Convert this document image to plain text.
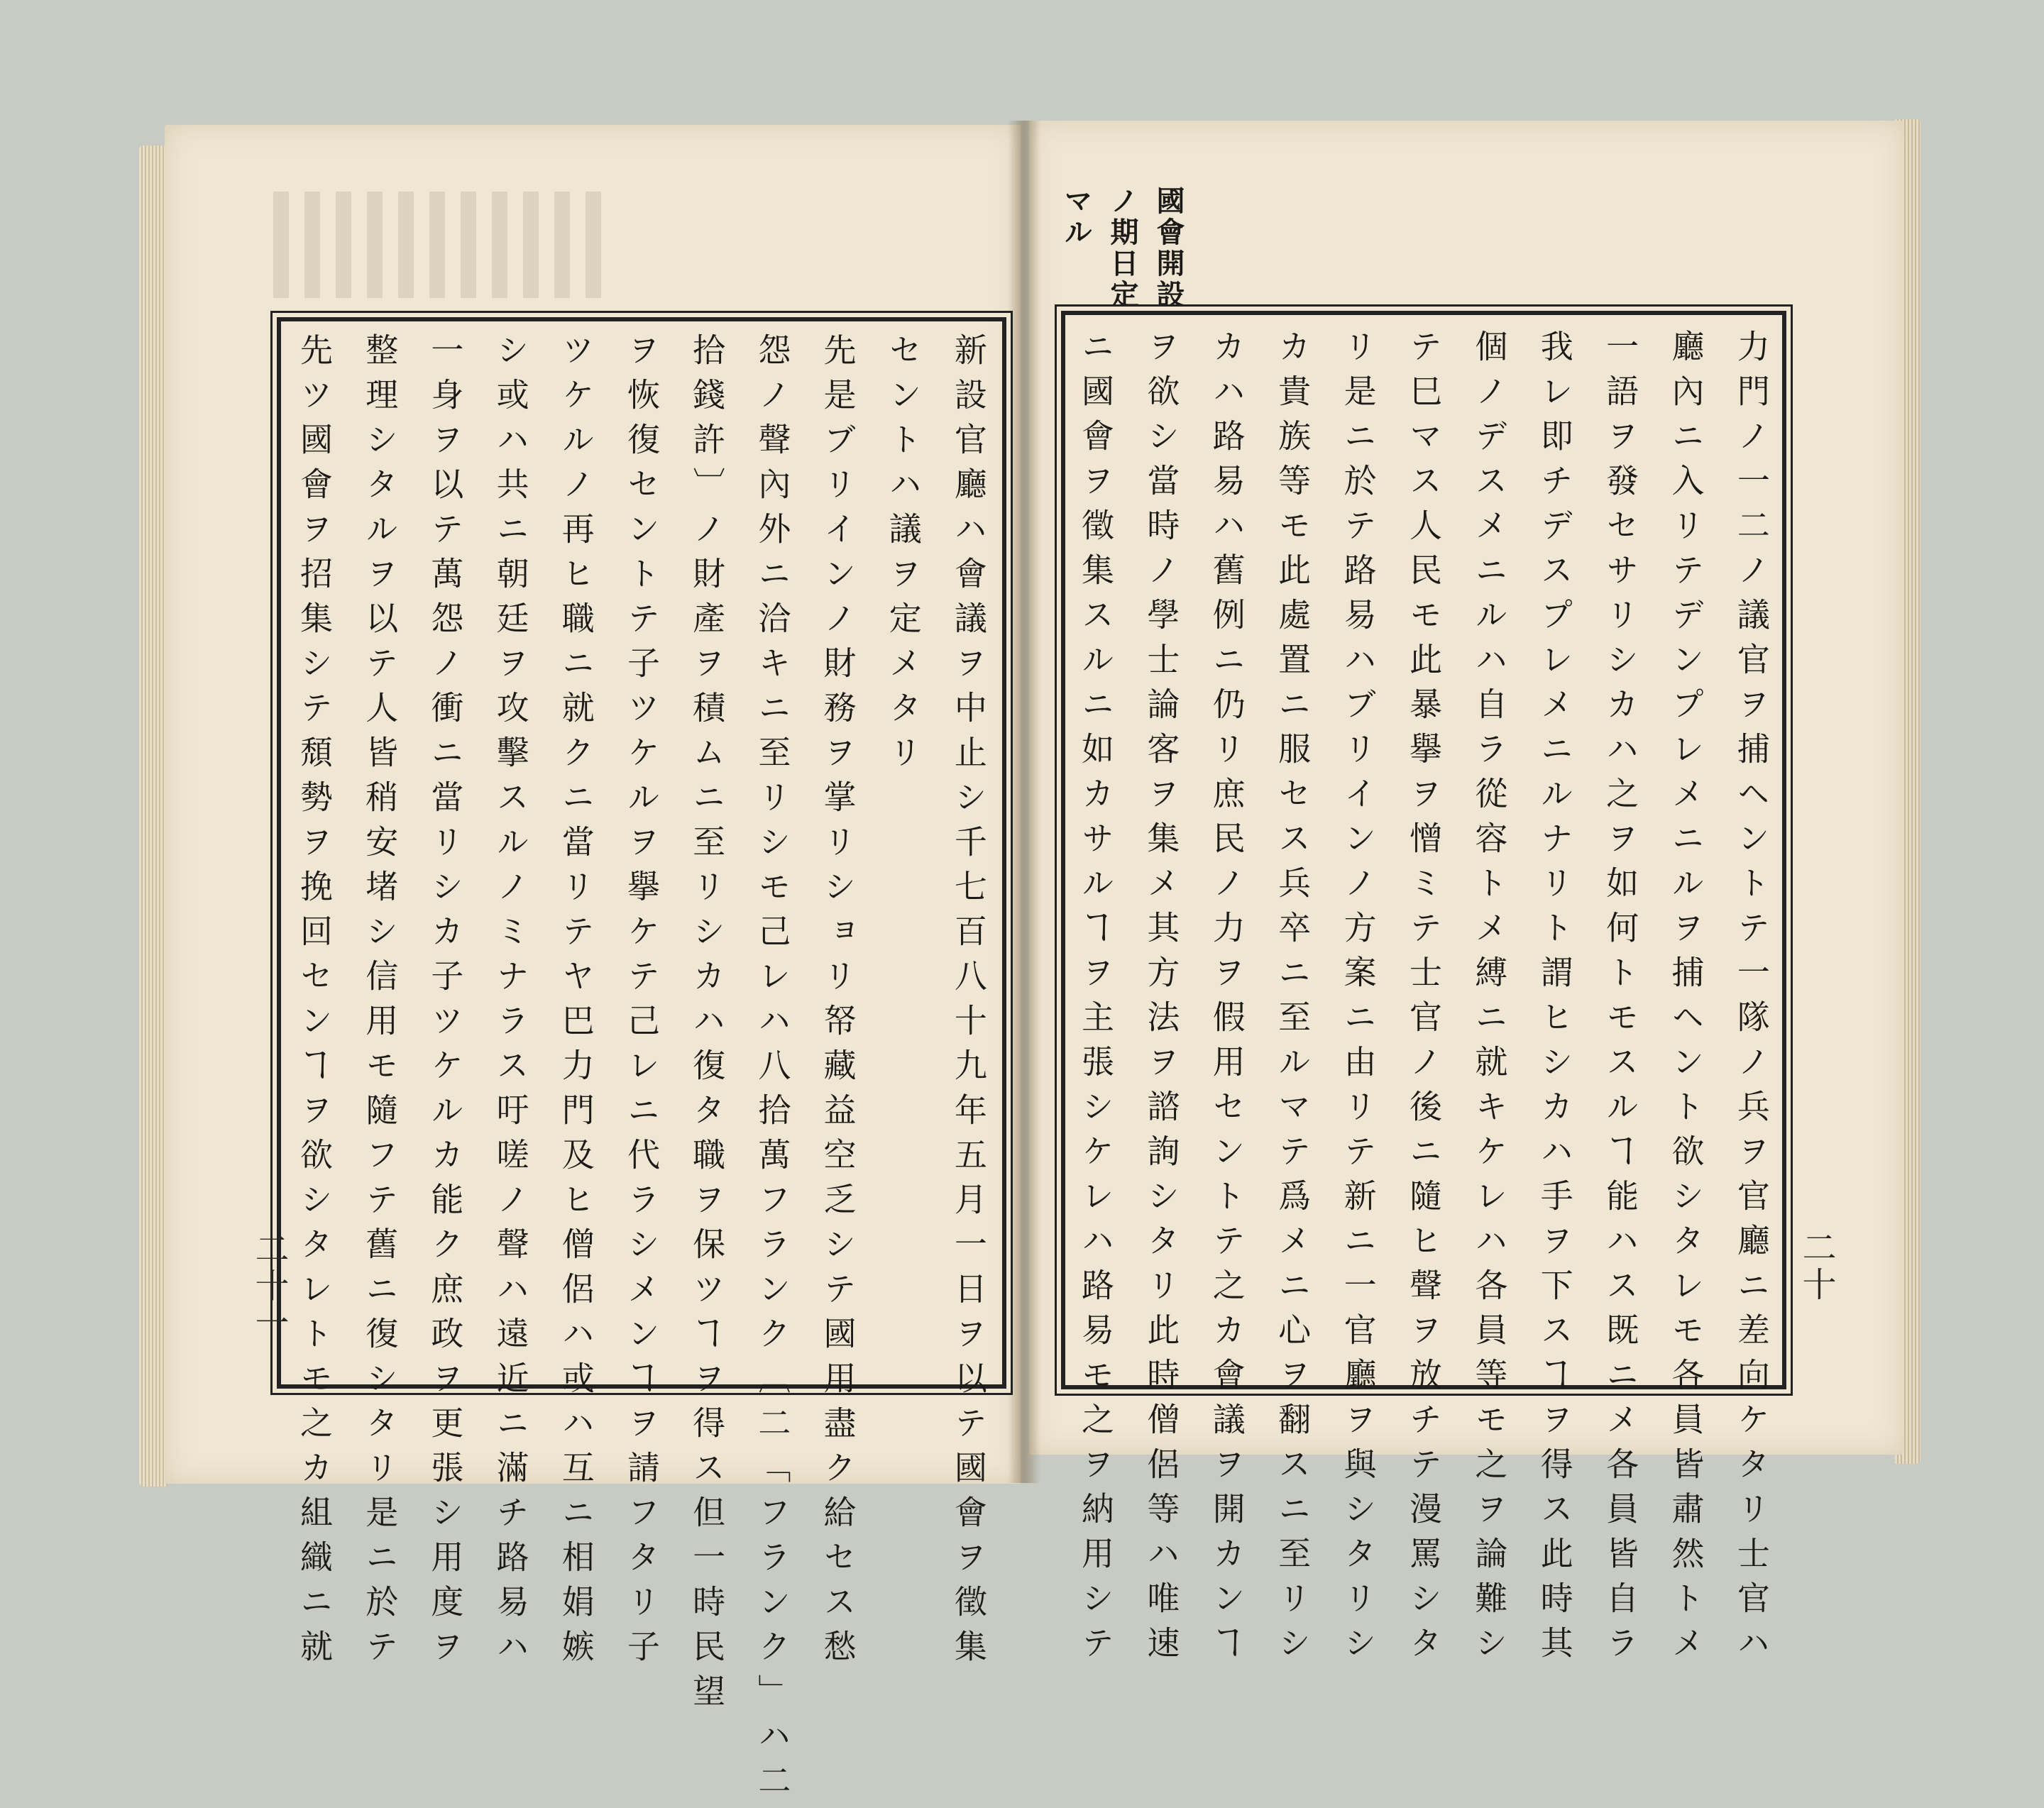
國會開設
ノ期日定
マル
新設官廳ハ會議ヲ中止シ千七百八十九年五月一日ヲ以テ國會ヲ徵集
セントハ議ヲ定メタリ
先是ブリインノ財務ヲ掌リショリ帑藏益空乏シテ國用盡ク給セス愁
怨ノ聲內外ニ洽キニ至リシモ己レハ八拾萬フランク〔二「フランク」ハ二
拾錢許〕ノ財產ヲ積ムニ至リシカハ復タ職ヲ保ツヿヲ得ス但一時民望
ヲ恢復セントテ子ツケルヲ擧ケテ己レニ代ラシメンヿヲ請フタリ子
ツケルノ再ヒ職ニ就クニ當リテヤ巴力門及ヒ僧侶ハ或ハ互ニ相娟嫉
シ或ハ共ニ朝廷ヲ攻擊スルノミナラス吁嗟ノ聲ハ遠近ニ滿チ路易ハ
一身ヲ以テ萬怨ノ衝ニ當リシカ子ツケルカ能ク庶政ヲ更張シ用度ヲ
整理シタルヲ以テ人皆稍安堵シ信用モ隨フテ舊ニ復シタリ是ニ於テ
先ツ國會ヲ招集シテ頹勢ヲ挽回センヿヲ欲シタレトモ之カ組織ニ就	力門ノ一二ノ議官ヲ捕ヘントテ一隊ノ兵ヲ官廳ニ差向ケタリ士官ハ
廳內ニ入リテデンプレメニルヲ捕ヘント欲シタレモ各員皆肅然トメ
一語ヲ發セサリシカハ之ヲ如何トモスルヿ能ハス既ニメ各員皆自ラ
我レ即チデスプレメニルナリト謂ヒシカハ手ヲ下スヿヲ得ス此時其
個ノデスメニルハ自ラ從容トメ縛ニ就キケレハ各員等モ之ヲ論難シ
テ巳マス人民モ此暴擧ヲ憎ミテ士官ノ後ニ隨ヒ聲ヲ放チテ漫罵シタ
リ是ニ於テ路易ハブリインノ方案ニ由リテ新ニ一官廳ヲ與シタリシ
カ貴族等モ此處置ニ服セス兵卒ニ至ルマテ爲メニ心ヲ翻スニ至リシ
カハ路易ハ舊例ニ仍リ庶民ノ力ヲ假用セントテ之カ會議ヲ開カンヿ
ヲ欲シ當時ノ學士論客ヲ集メ其方法ヲ諮詢シタリ此時僧侶等ハ唯速
ニ國會ヲ徵集スルニ如カサルヿヲ主張シケレハ路易モ之ヲ納用シテ
二十一	二十
